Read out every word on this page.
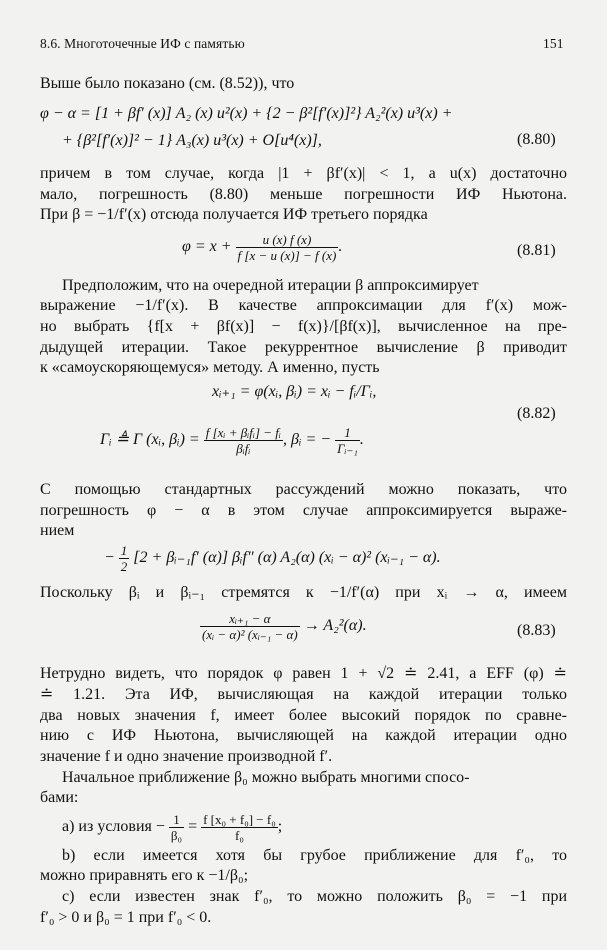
8.6. Многоточечные ИФ с памятью	151
Выше было показано (см. (8.52)), что
φ − α = [1 + βf′ (x)] A₂ (x) u²(x) + {2 − β²[f′(x)]²} A₂²(x) u³(x) +
+ {β²[f′(x)]² − 1} A₃(x) u³(x) + O[u⁴(x)],	(8.80)
причем в том случае, когда |1 + βf′(x)| < 1, а u(x) достаточно
мало, погрешность (8.80) меньше погрешности ИФ Ньютона.
При β = −1/f′(x) отсюда получается ИФ третьего порядка
$\varphi = x + \frac{u (x) f (x)}{f [x - u (x)] - f (x)}$ .	(8.81)
Предположим, что на очередной итерации β аппроксимирует
выражение −1/f′(x). В качестве аппроксимации для f′(x) мож-
но выбрать {f[x + βf(x)] − f(x)}/[βf(x)], вычисленное на пре-
дыдущей итерации. Такое рекуррентное вычисление β приводит
к «самоускоряющемуся» методу. А именно, пусть
xᵢ₊₁ = φ(xᵢ, βᵢ) = xᵢ − fᵢ/Γᵢ,
(8.82)
Γᵢ ≜ Γ (xᵢ, βᵢ) = $\frac{\text{f [xᵢ + βᵢfᵢ] − fᵢ}}{\text{βᵢfᵢ}}$ , βᵢ = − $\frac{1}{\text{Γᵢ₋₁}}$ .
С помощью стандартных рассуждений можно показать, что
погрешность φ − α в этом случае аппроксимируется выраже-
нием
− $\frac{1}{2} [2$ + βᵢ₋₁f′ (α)] βᵢf″ (α) A₂(α) (xᵢ − α)² (xᵢ₋₁ − α).
Поскольку βᵢ и βᵢ₋₁ стремятся к −1/f′(α) при xᵢ → α, имеем
$\frac{\text{xᵢ₊₁ − α}}{\text{(xᵢ − α)² (xᵢ₋₁ − α)}} \to A_2^2(\alpha)$.	(8.83)
Нетрудно видеть, что порядок φ равен 1 + √2 ≐ 2.41, а EFF (φ) ≐
≐ 1.21. Эта ИФ, вычисляющая на каждой итерации только
два новых значения f, имеет более высокий порядок по сравне-
нию с ИФ Ньютона, вычисляющей на каждой итерации одно
значение f и одно значение производной f′.
Начальное приближение β₀ можно выбрать многими спосо-
бами:
а) из условия − $\frac{1}{\text{β₀}} = \frac{\text{f [x₀ + f₀] − f₀}}{\text{f₀}}$ ;
b) если имеется хотя бы грубое приближение для f′₀, то
можно приравнять его к −1/β₀;
с) если известен знак f′₀, то можно положить β₀ = −1 при
f′₀ > 0 и β₀ = 1 при f′₀ < 0.
